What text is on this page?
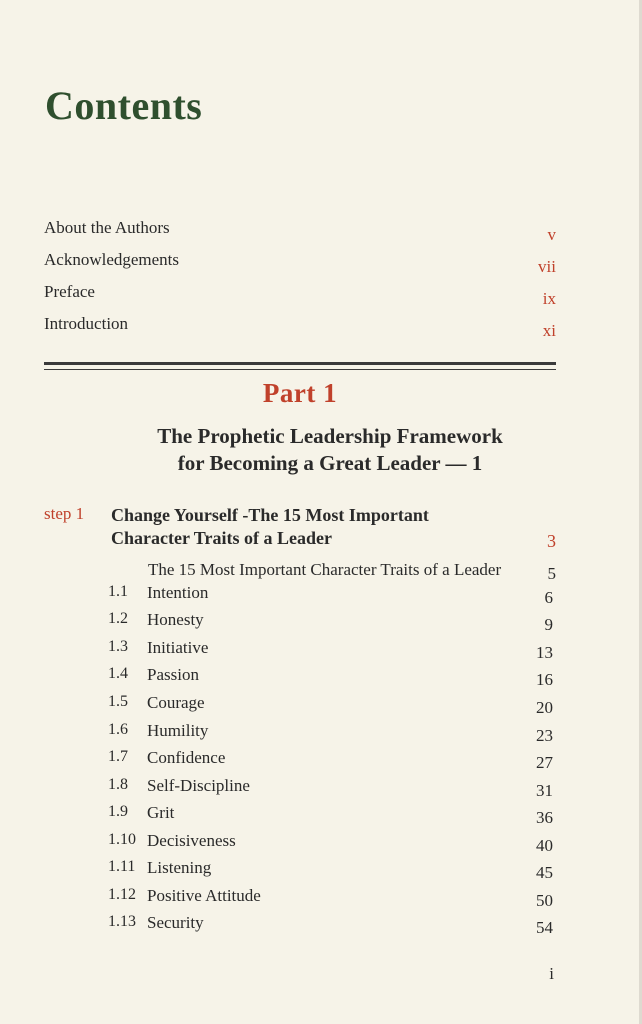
Contents
About the Authors	v
Acknowledgements	vii
Preface	ix
Introduction	xi
Part 1
The Prophetic Leadership Framework
for Becoming a Great Leader — 1
step 1 Change Yourself -The 15 Most Important
Character Traits of a Leader	3
The 15 Most Important Character Traits of a Leader	5
1.1 Intention	6
1.2 Honesty	9
1.3 Initiative	13
1.4 Passion	16
1.5 Courage	20
1.6 Humility	23
1.7 Confidence	27
1.8 Self-Discipline	31
1.9 Grit	36
1.10 Decisiveness	40
1.11 Listening	45
1.12 Positive Attitude	50
1.13 Security	54
i
